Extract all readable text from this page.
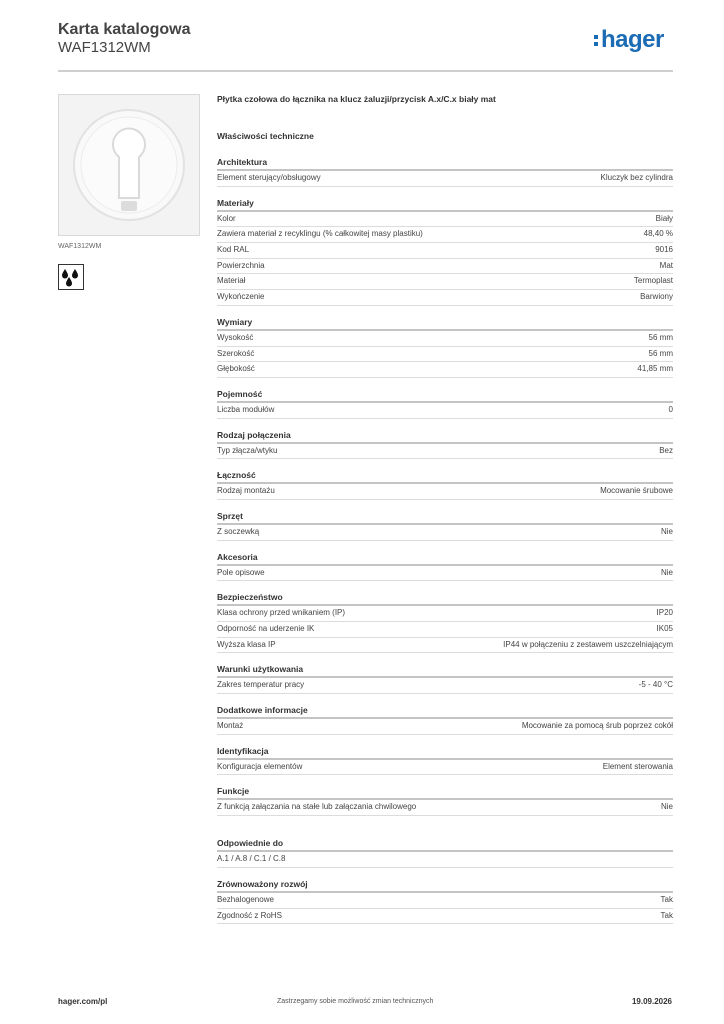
Karta katalogowa
WAF1312WM	hager
WAF1312WM
Płytka czołowa do łącznika na klucz żaluzji/przycisk A.x/C.x biały mat
Właściwości techniczne
Architektura
Element sterujący/obsługowy	Kluczyk bez cylindra
Materiały
Kolor	Biały
Zawiera materiał z recyklingu (% całkowitej masy plastiku)	48,40 %
Kod RAL	9016
Powierzchnia	Mat
Materiał	Termoplast
Wykończenie	Barwiony
Wymiary
Wysokość	56 mm
Szerokość	56 mm
Głębokość	41,85 mm
Pojemność
Liczba modułów	0
Rodzaj połączenia
Typ złącza/wtyku	Bez
Łączność
Rodzaj montażu	Mocowanie śrubowe
Sprzęt
Z soczewką	Nie
Akcesoria
Pole opisowe	Nie
Bezpieczeństwo
Klasa ochrony przed wnikaniem (IP)	IP20
Odporność na uderzenie IK	IK05
Wyższa klasa IP	IP44 w połączeniu z zestawem uszczelniającym
Warunki użytkowania
Zakres temperatur pracy	-5 - 40 °C
Dodatkowe informacje
Montaż	Mocowanie za pomocą śrub poprzez cokół
Identyfikacja
Konfiguracja elementów	Element sterowania
Funkcje
Z funkcją załączania na stałe lub załączania chwilowego	Nie
Odpowiednie do
A.1 / A.8 / C.1 / C.8
Zrównoważony rozwój
Bezhalogenowe	Tak
Zgodność z RoHS	Tak
hager.com/pl	Zastrzegamy sobie możliwość zmian technicznych	19.09.2026
